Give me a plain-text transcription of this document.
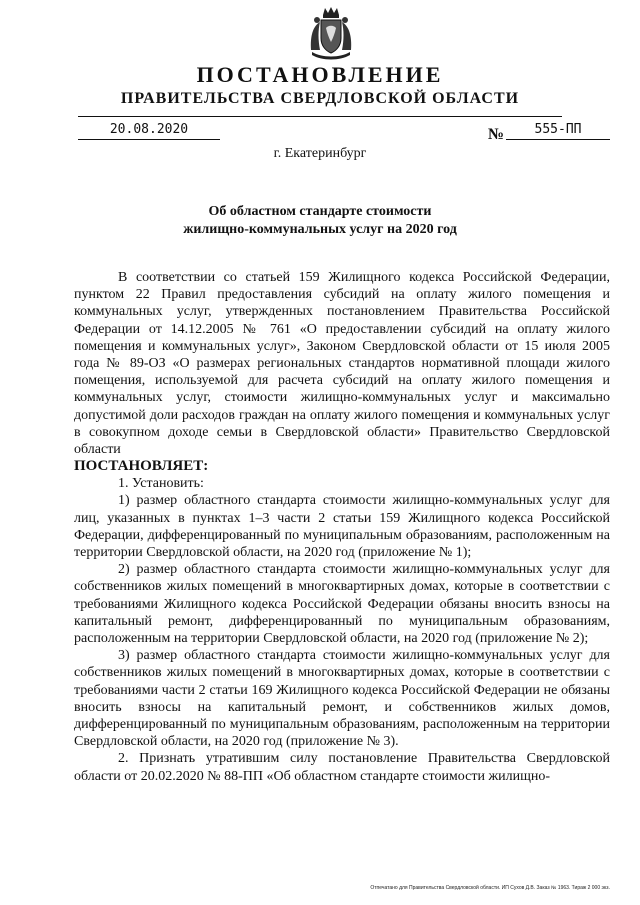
ПОСТАНОВЛЕНИЕ
ПРАВИТЕЛЬСТВА СВЕРДЛОВСКОЙ ОБЛАСТИ
20.08.2020	№	555-ПП
г. Екатеринбург
Об областном стандарте стоимости
жилищно-коммунальных услуг на 2020 год

В соответствии со статьей 159 Жилищного кодекса Российской Федерации, пунктом 22 Правил предоставления субсидий на оплату жилого помещения и коммунальных услуг, утвержденных постановлением Правительства Российской Федерации от 14.12.2005 № 761 «О предоставлении субсидий на оплату жилого помещения и коммунальных услуг», Законом Свердловской области от 15 июля 2005 года № 89-ОЗ «О размерах региональных стандартов нормативной площади жилого помещения, используемой для расчета субсидий на оплату жилого помещения и коммунальных услуг, стоимости жилищно-коммунальных услуг и максимально допустимой доли расходов граждан на оплату жилого помещения и коммунальных услуг в совокупном доходе семьи в Свердловской области» Правительство Свердловской области

ПОСТАНОВЛЯЕТ:

1. Установить:

1) размер областного стандарта стоимости жилищно-коммунальных услуг для лиц, указанных в пунктах 1–3 части 2 статьи 159 Жилищного кодекса Российской Федерации, дифференцированный по муниципальным образованиям, расположенным на территории Свердловской области, на 2020 год (приложение № 1);

2) размер областного стандарта стоимости жилищно-коммунальных услуг для собственников жилых помещений в многоквартирных домах, которые в соответствии с требованиями Жилищного кодекса Российской Федерации обязаны вносить взносы на капитальный ремонт, дифференцированный по муниципальным образованиям, расположенным на территории Свердловской области, на 2020 год (приложение № 2);

3) размер областного стандарта стоимости жилищно-коммунальных услуг для собственников жилых помещений в многоквартирных домах, которые в соответствии с требованиями части 2 статьи 169 Жилищного кодекса Российской Федерации не обязаны вносить взносы на капитальный ремонт, и собственников жилых домов, дифференцированный по муниципальным образованиям, расположенным на территории Свердловской области, на 2020 год (приложение № 3).

2. Признать утратившим силу постановление Правительства Свердловской области от 20.02.2020 № 88-ПП «Об областном стандарте стоимости жилищно-

Отпечатано для Правительства Свердловской области. ИП Сухов Д.В. Заказ № 1963. Тираж 2 000 экз.
